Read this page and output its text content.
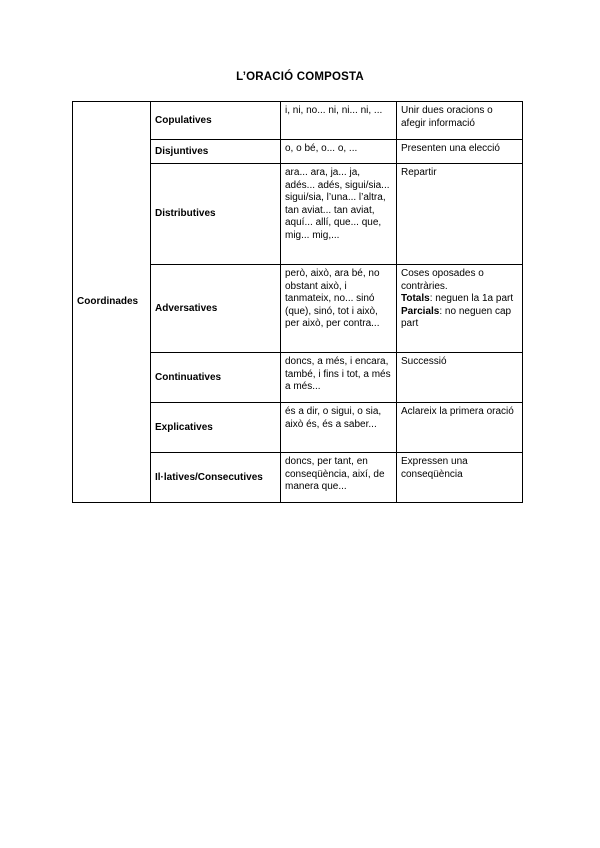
L’ORACIÓ COMPOSTA
Coordinades	Copulatives	i, ni, no... ni, ni... ni, ...	Unir dues oracions o afegir informació
	Disjuntives	o, o bé, o... o, ...	Presenten una elecció
	Distributives	ara... ara, ja... ja, adés... adés, sigui/sia... sigui/sia, l’una... l’altra, tan aviat... tan aviat, aquí... allí, que... que, mig... mig,...	Repartir
	Adversatives	però, això, ara bé, no obstant això, i tanmateix, no... sinó (que), sinó, tot i això, per això, per contra...	Coses oposades o contràries.
Totals: neguen la 1a part
Parcials: no neguen cap part
	Continuatives	doncs, a més, i encara, també, i fins i tot, a més a més...	Successió
	Explicatives	és a dir, o sigui, o sia, això és, és a saber...	Aclareix la primera oració
	Il·latives/Consecutives	doncs, per tant, en conseqüència, així, de manera que...	Expressen una conseqüència
